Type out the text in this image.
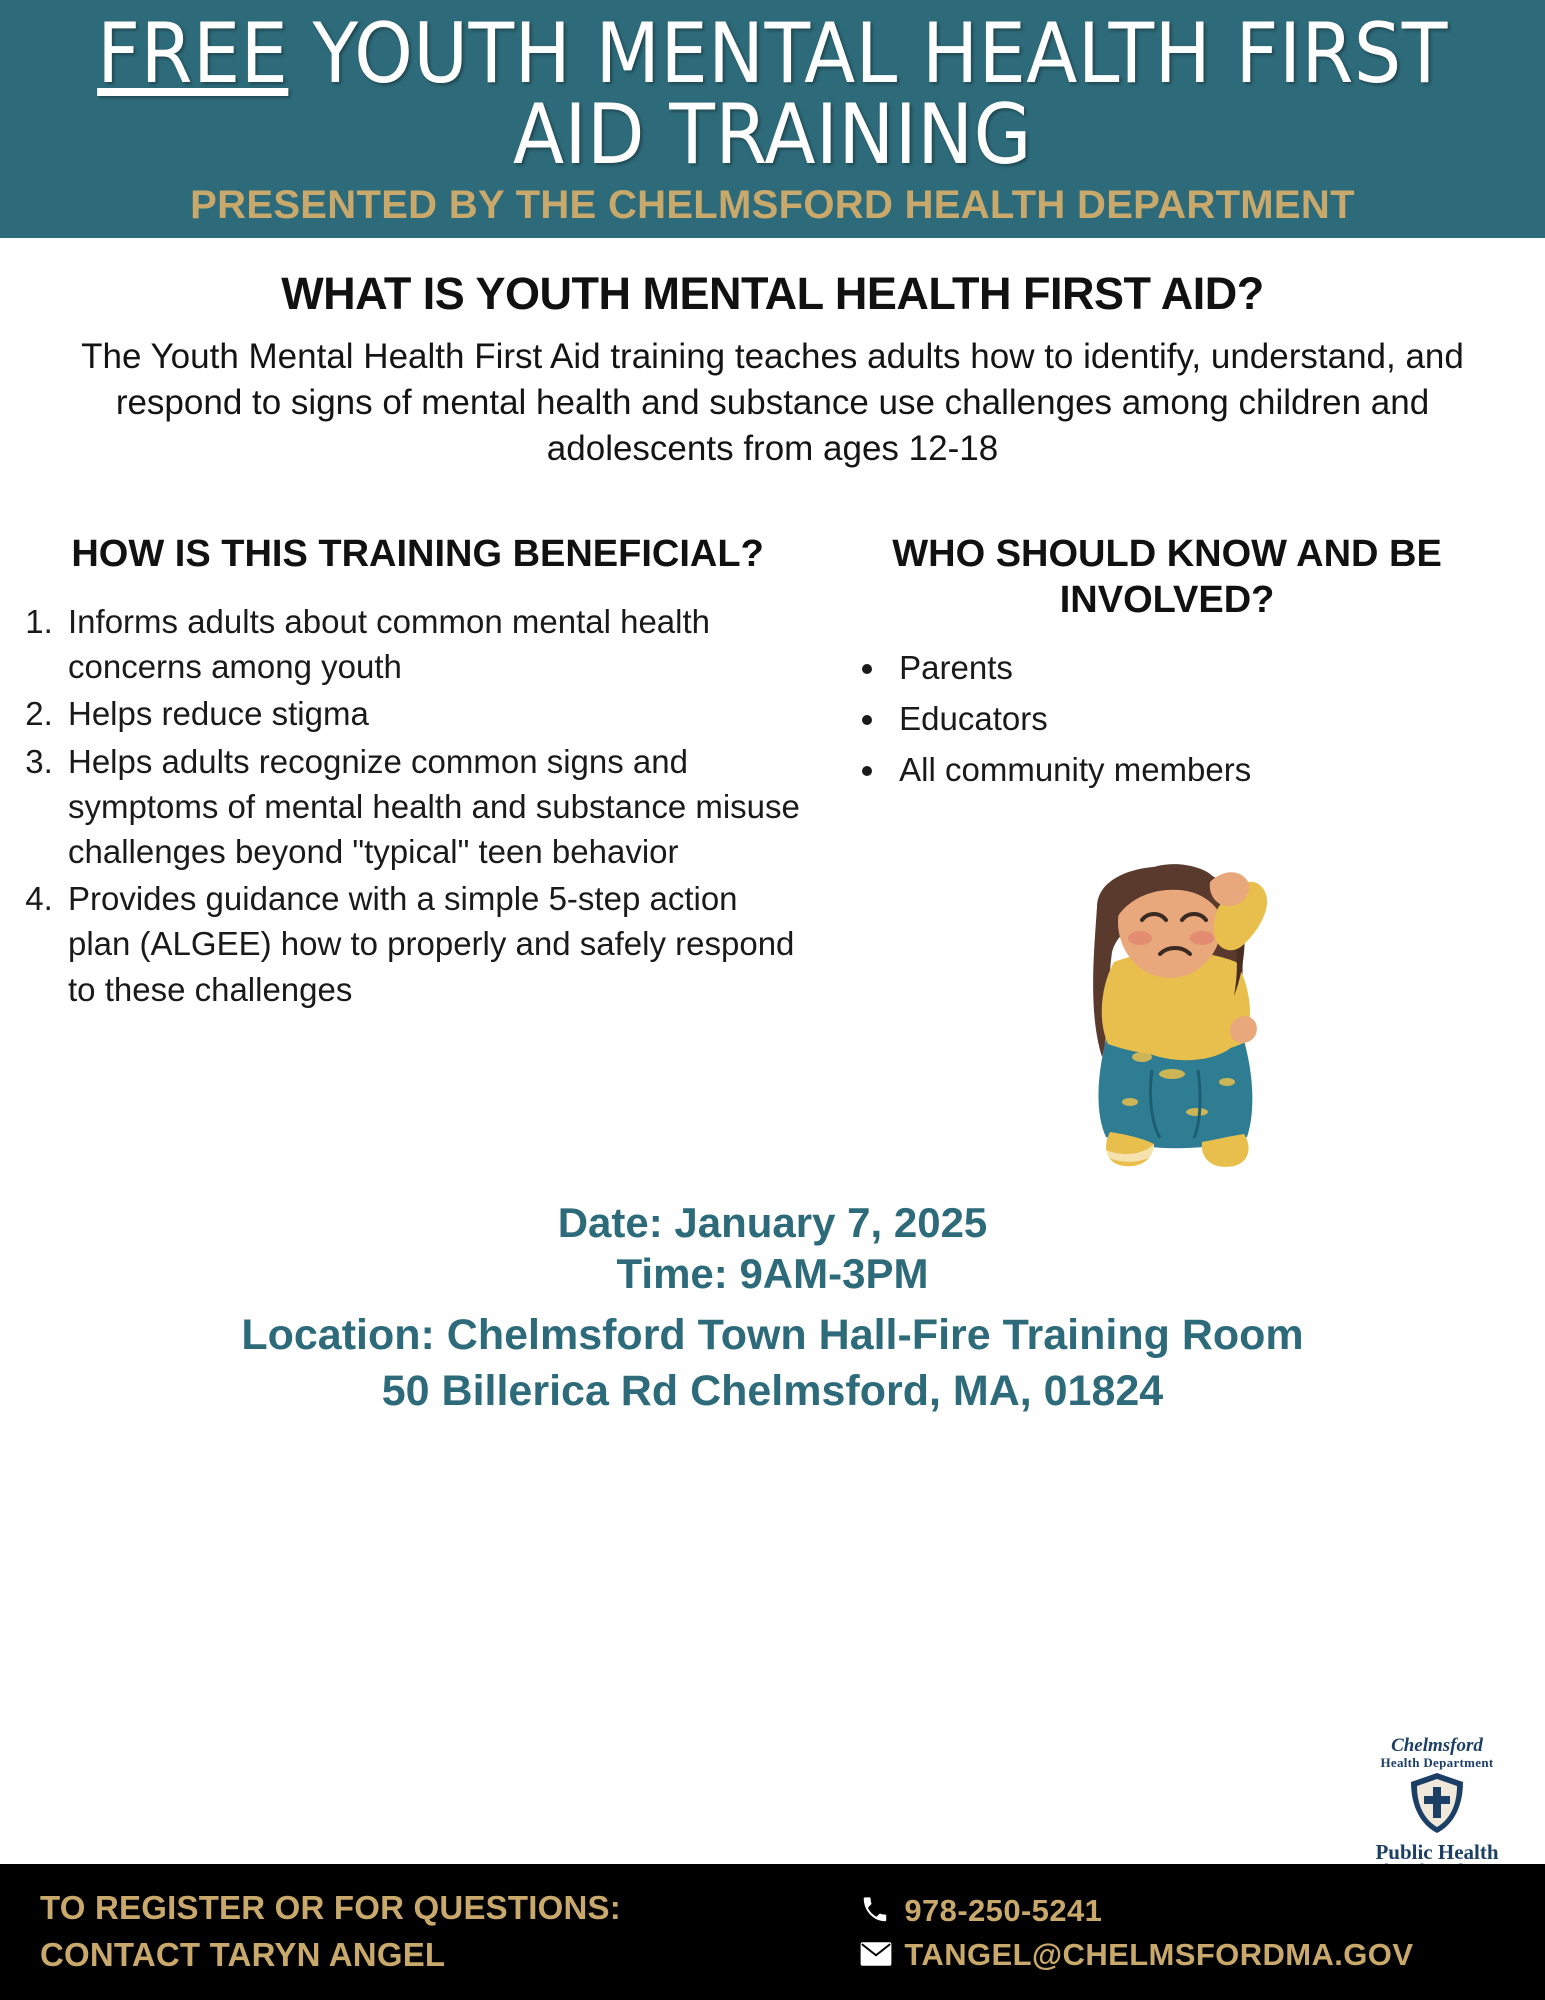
FREE YOUTH MENTAL HEALTH FIRST AID TRAINING
PRESENTED BY THE CHELMSFORD HEALTH DEPARTMENT
WHAT IS YOUTH MENTAL HEALTH FIRST AID?
The Youth Mental Health First Aid training teaches adults how to identify, understand, and respond to signs of mental health and substance use challenges among children and adolescents from ages 12-18
HOW IS THIS TRAINING BENEFICIAL?
1. Informs adults about common mental health concerns among youth
2. Helps reduce stigma
3. Helps adults recognize common signs and symptoms of mental health and substance misuse challenges beyond "typical" teen behavior
4. Provides guidance with a simple 5-step action plan (ALGEE) how to properly and safely respond to these challenges
WHO SHOULD KNOW AND BE INVOLVED?
• Parents
• Educators
• All community members
Date: January 7, 2025
Time: 9AM-3PM
Location: Chelmsford Town Hall-Fire Training Room
50 Billerica Rd Chelmsford, MA, 01824
Chelmsford
Health Department
Public Health
TO REGISTER OR FOR QUESTIONS:
CONTACT TARYN ANGEL
978-250-5241
TANGEL@CHELMSFORDMA.GOV
